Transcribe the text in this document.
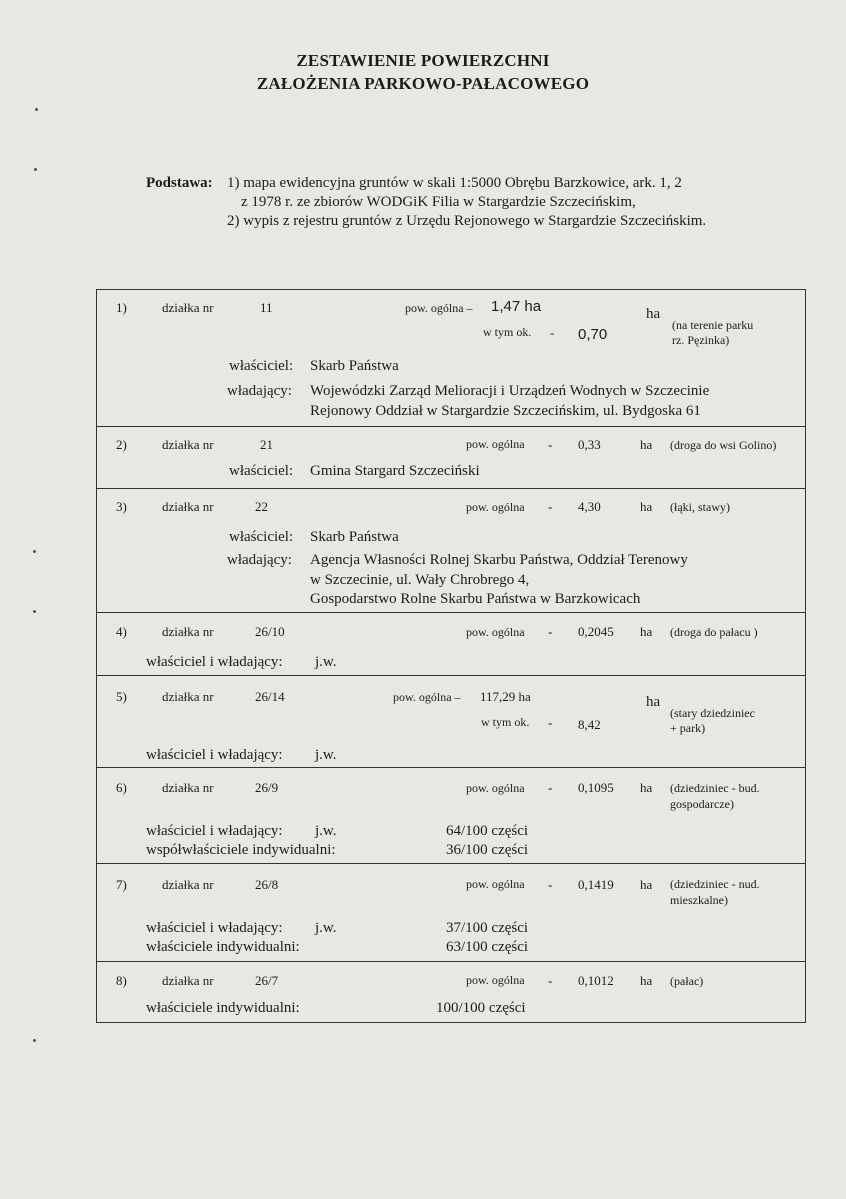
ZESTAWIENIE POWIERZCHNI
ZAŁOŻENIA PARKOWO-PAŁACOWEGO
Podstawa: 1) mapa ewidencyjna gruntów w skali 1:5000 Obrębu Barzkowice, ark. 1, 2
z 1978 r. ze zbiorów WODGiK Filia w Stargardzie Szczecińskim,
2) wypis z rejestru gruntów z Urzędu Rejonowego w Stargardzie Szczecińskim.
1)	działka nr	11	pow. ogólna – 1,47 ha
w tym ok. - 0,70
ha
(na terenie parku
rz. Pęzinka)
właściciel: Skarb Państwa
władający: Wojewódzki Zarząd Melioracji i Urządzeń Wodnych w Szczecinie
Rejonowy Oddział w Stargardzie Szczecińskim, ul. Bydgoska 61
2)	działka nr	21	pow. ogólna - 0,33	ha (droga do wsi Golino)
właściciel: Gmina Stargard Szczeciński
3)	działka nr	22	pow. ogólna - 4,30	ha (łąki, stawy)
właściciel: Skarb Państwa
władający: Agencja Własności Rolnej Skarbu Państwa, Oddział Terenowy
w Szczecinie, ul. Wały Chrobrego 4,
Gospodarstwo Rolne Skarbu Państwa w Barzkowicach
4)	działka nr	26/10	pow. ogólna - 0,2045 ha (droga do pałacu )
właściciel i władający: j.w.
5)	działka nr	26/14	pow. ogólna – 117,29 ha
w tym ok. - 8,42
ha
(stary dziedziniec
+ park)
właściciel i władający: j.w.
6)	działka nr	26/9	pow. ogólna - 0,1095 ha (dziedziniec - bud.
gospodarcze)
właściciel i władający: j.w.	64/100 części
współwłaściciele indywidualni:	36/100 części
7)	działka nr	26/8	pow. ogólna - 0,1419 ha (dziedziniec - nud.
mieszkalne)
właściciel i władający: j.w.	37/100 części
właściciele indywidualni:	63/100 części
8)	działka nr	26/7	pow. ogólna - 0,1012 ha (pałac)
właściciele indywidualni:	100/100 części
